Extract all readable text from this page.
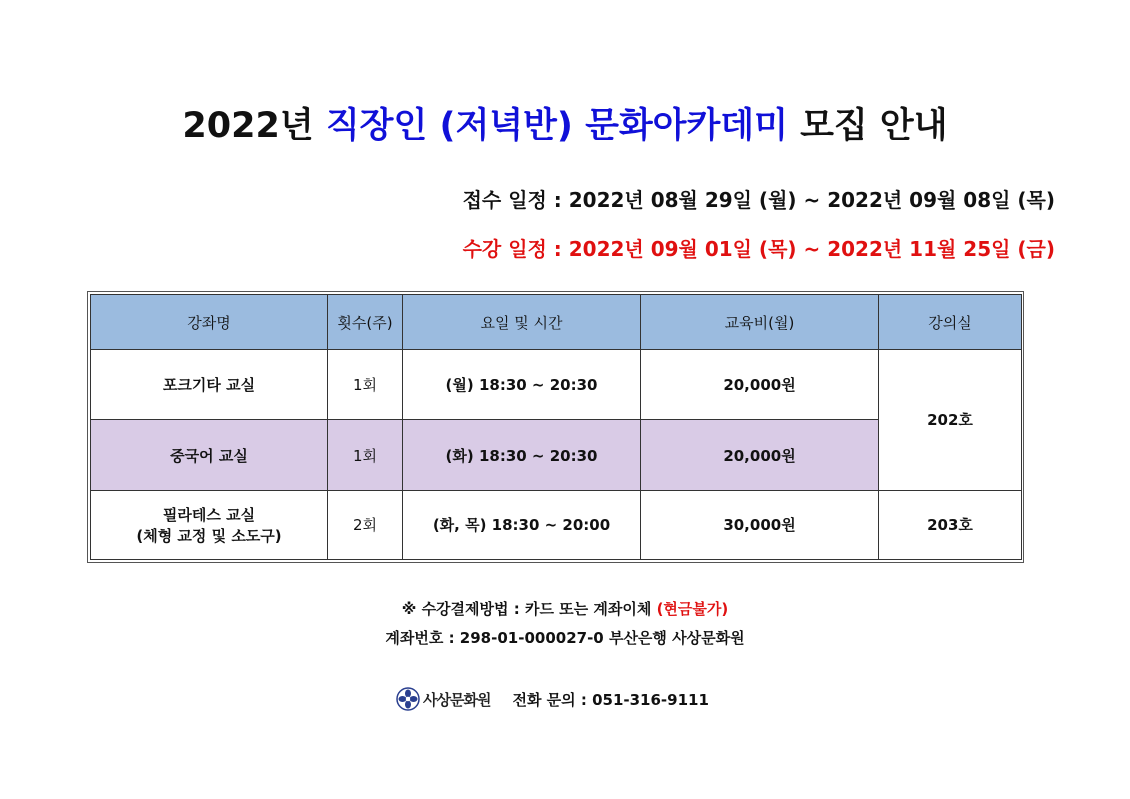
2022년 직장인 (저녁반) 문화아카데미 모집 안내
접수 일정 : 2022년 08월 29일 (월) ~ 2022년 09월 08일 (목)
수강 일정 : 2022년 09월 01일 (목) ~ 2022년 11월 25일 (금)
강좌명	횟수(주)	요일 및 시간	교육비(월)	강의실
포크기타 교실	1회	(월) 18:30 ~ 20:30	20,000원	202호
중국어 교실	1회	(화) 18:30 ~ 20:30	20,000원	

필라테스 교실
(체형 교정 및 소도구)	2회	(화, 목) 18:30 ~ 20:00	30,000원	203호
※ 수강결제방법 : 카드 또는 계좌이체 (현금불가)
계좌번호 : 298-01-000027-0 부산은행 사상문화원
사상문화원 전화 문의 : 051-316-9111
